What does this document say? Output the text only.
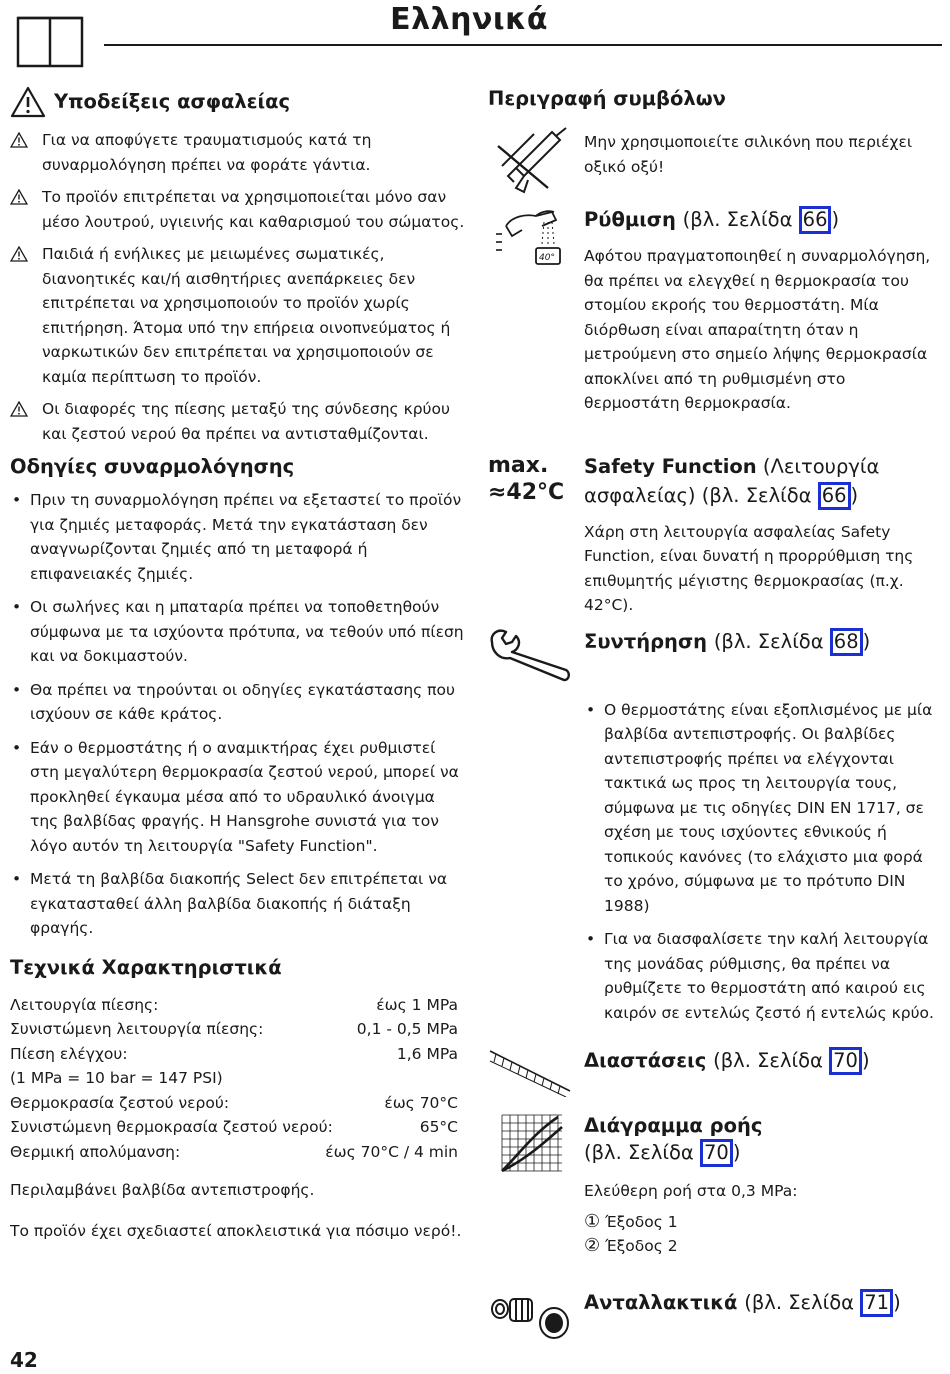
Ελληνικά
Υποδείξεις ασφαλείας
Για να αποφύγετε τραυματισμούς κατά τη συναρμολόγηση πρέπει να φοράτε γάντια.
Το προϊόν επιτρέπεται να χρησιμοποιείται μόνο σαν μέσο λουτρού, υγιεινής και καθαρισμού του σώματος.
Παιδιά ή ενήλικες με μειωμένες σωματικές, διανοητικές και/ή αισθητήριες ανεπάρκειες δεν επιτρέπεται να χρησιμοποιούν το προϊόν χωρίς επιτήρηση. Άτομα υπό την επήρεια οινοπνεύματος ή ναρκωτικών δεν επιτρέπεται να χρησιμοποιούν σε καμία περίπτωση το προϊόν.
Οι διαφορές της πίεσης μεταξύ της σύνδεσης κρύου και ζεστού νερού θα πρέπει να αντισταθμίζονται.
Οδηγίες συναρμολόγησης
• Πριν τη συναρμολόγηση πρέπει να εξεταστεί το προϊόν για ζημιές μεταφοράς. Μετά την εγκατάσταση δεν αναγνωρίζονται ζημιές από τη μεταφορά ή επιφανειακές ζημιές.
• Οι σωλήνες και η μπαταρία πρέπει να τοποθετηθούν σύμφωνα με τα ισχύοντα πρότυπα, να τεθούν υπό πίεση και να δοκιμαστούν.
• Θα πρέπει να τηρούνται οι οδηγίες εγκατάστασης που ισχύουν σε κάθε κράτος.
• Εάν ο θερμοστάτης ή ο αναμικτήρας έχει ρυθμιστεί στη μεγαλύτερη θερμοκρασία ζεστού νερού, μπορεί να προκληθεί έγκαυμα μέσα από το υδραυλικό άνοιγμα της βαλβίδας φραγής. Η Hansgrohe συνιστά για τον λόγο αυτόν τη λειτουργία "Safety Function".
• Μετά τη βαλβίδα διακοπής Select δεν επιτρέπεται να εγκατασταθεί άλλη βαλβίδα διακοπής ή διάταξη φραγής.
Τεχνικά Χαρακτηριστικά
Λειτουργία πίεσης:	έως 1 MPa
Συνιστώμενη λειτουργία πίεσης:	0,1 - 0,5 MPa
Πίεση ελέγχου:	1,6 MPa
(1 MPa = 10 bar = 147 PSI)
Θερμοκρασία ζεστού νερού:	έως 70°C
Συνιστώμενη θερμοκρασία ζεστού νερού:	65°C
Θερμική απολύμανση:	έως 70°C / 4 min
Περιλαμβάνει βαλβίδα αντεπιστροφής.
Το προϊόν έχει σχεδιαστεί αποκλειστικά για πόσιμο νερό!.
Περιγραφή συμβόλων
Μην χρησιμοποιείτε σιλικόνη που περιέχει οξικό οξύ!
40°
Ρύθμιση (βλ. Σελίδα 66 )
Αφότου πραγματοποιηθεί η συναρμολόγηση, θα πρέπει να ελεγχθεί η θερμοκρασία του στομίου εκροής του θερμοστάτη. Μία διόρθωση είναι απαραίτητη όταν η μετρούμενη στο σημείο λήψης θερμοκρασία αποκλίνει από τη ρυθμισμένη στο θερμοστάτη θερμοκρασία.
max.
≈42°C
Safety Function (Λειτουργία ασφαλείας) (βλ. Σελίδα 66 )
Χάρη στη λειτουργία ασφαλείας Safety Function, είναι δυνατή η προρρύθμιση της επιθυμητής μέγιστης θερμοκρασίας (π.χ. 42°C).
Συντήρηση (βλ. Σελίδα 68 )
• Ο θερμοστάτης είναι εξοπλισμένος με μία βαλβίδα αντεπιστροφής. Οι βαλβίδες αντεπιστροφής πρέπει να ελέγχονται τακτικά ως προς τη λειτουργία τους, σύμφωνα με τις οδηγίες DIN EN 1717, σε σχέση με τους ισχύοντες εθνικούς ή τοπικούς κανόνες (το ελάχιστο μια φορά το χρόνο, σύμφωνα με το πρότυπο DIN 1988)
• Για να διασφαλίσετε την καλή λειτουργία της μονάδας ρύθμισης, θα πρέπει να ρυθμίζετε το θερμοστάτη από καιρού εις καιρόν σε εντελώς ζεστό ή εντελώς κρύο.
Διαστάσεις (βλ. Σελίδα 70 )
Διάγραμμα ροής
(βλ. Σελίδα 70 )
Ελεύθερη ροή στα 0,3 MPa:
① Έξοδος 1
② Έξοδος 2
Ανταλλακτικά (βλ. Σελίδα 71 )
42
